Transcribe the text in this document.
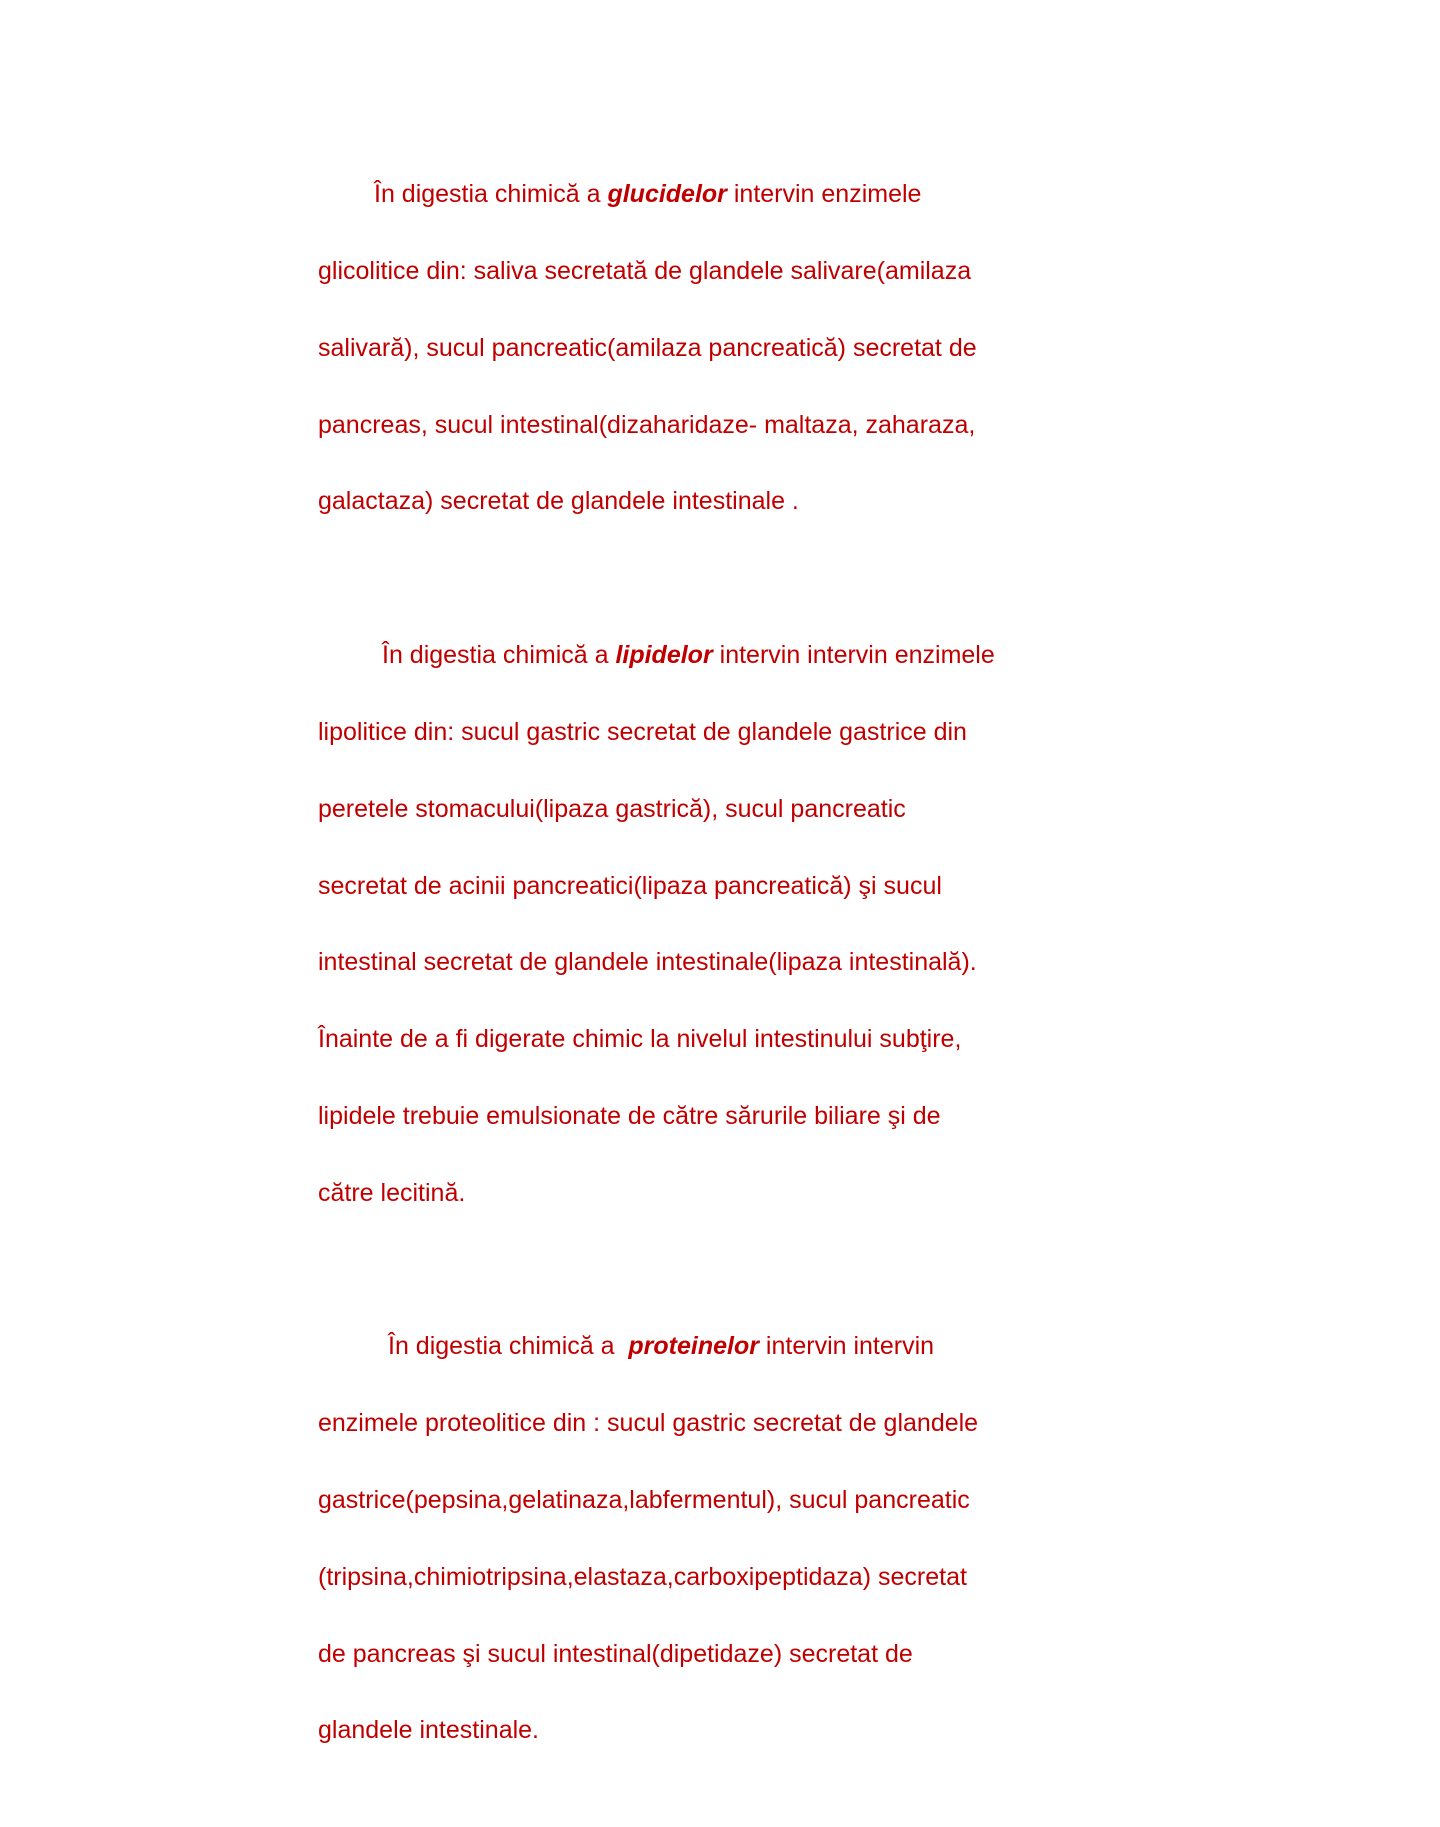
În digestia chimică a glucidelor intervin enzimele

glicolitice din: saliva secretată de glandele salivare(amilaza

salivară), sucul pancreatic(amilaza pancreatică) secretat de

pancreas, sucul intestinal(dizaharidaze- maltaza, zaharaza,

galactaza) secretat de glandele intestinale .

În digestia chimică a lipidelor intervin intervin enzimele

lipolitice din: sucul gastric secretat de glandele gastrice din

peretele stomacului(lipaza gastrică), sucul pancreatic

secretat de acinii pancreatici(lipaza pancreatică) şi sucul

intestinal secretat de glandele intestinale(lipaza intestinală).

Înainte de a fi digerate chimic la nivelul intestinului subţire,

lipidele trebuie emulsionate de către sărurile biliare şi de

către lecitină.

În digestia chimică a  proteinelor intervin intervin

enzimele proteolitice din : sucul gastric secretat de glandele

gastrice(pepsina,gelatinaza,labfermentul), sucul pancreatic

(tripsina,chimiotripsina,elastaza,carboxipeptidaza) secretat

de pancreas şi sucul intestinal(dipetidaze) secretat de

glandele intestinale.
